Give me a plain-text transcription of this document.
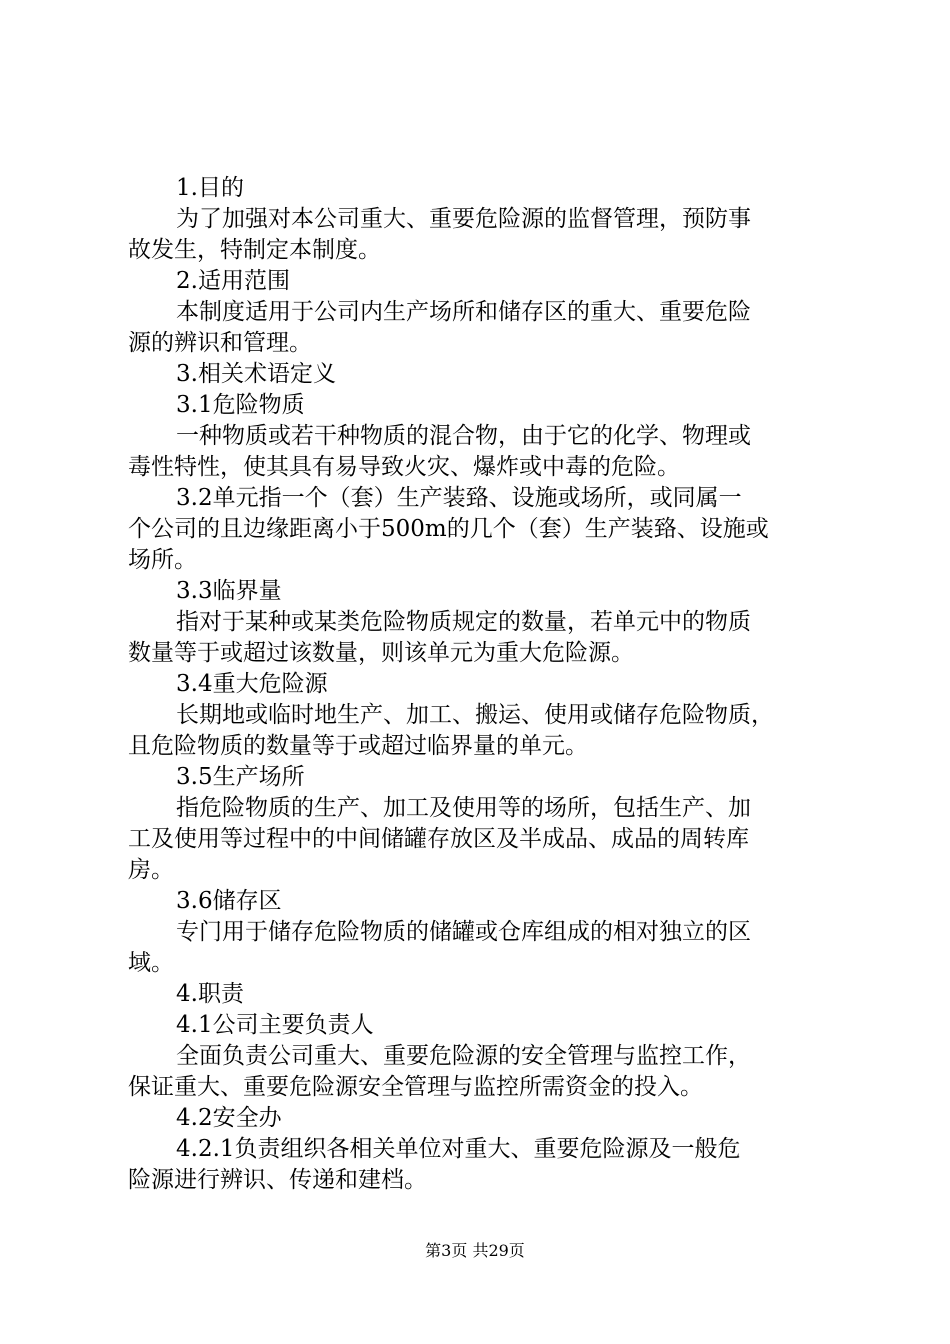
1.目的
为了加强对本公司重大、重要危险源的监督管理，预防事
故发生，特制定本制度。
2.适用范围
本制度适用于公司内生产场所和储存区的重大、重要危险
源的辨识和管理。
3.相关术语定义
3.1危险物质
一种物质或若干种物质的混合物，由于它的化学、物理或
毒性特性，使其具有易导致火灾、爆炸或中毒的危险。
3.2单元指一个（套）生产装臵、设施或场所，或同属一
个公司的且边缘距离小于500m的几个（套）生产装臵、设施或
场所。
3.3临界量
指对于某种或某类危险物质规定的数量，若单元中的物质
数量等于或超过该数量，则该单元为重大危险源。
3.4重大危险源
长期地或临时地生产、加工、搬运、使用或储存危险物质，
且危险物质的数量等于或超过临界量的单元。
3.5生产场所
指危险物质的生产、加工及使用等的场所，包括生产、加
工及使用等过程中的中间储罐存放区及半成品、成品的周转库
房。
3.6储存区
专门用于储存危险物质的储罐或仓库组成的相对独立的区
域。
4.职责
4.1公司主要负责人
全面负责公司重大、重要危险源的安全管理与监控工作，
保证重大、重要危险源安全管理与监控所需资金的投入。
4.2安全办
4.2.1负责组织各相关单位对重大、重要危险源及一般危
险源进行辨识、传递和建档。
第3页 共29页
